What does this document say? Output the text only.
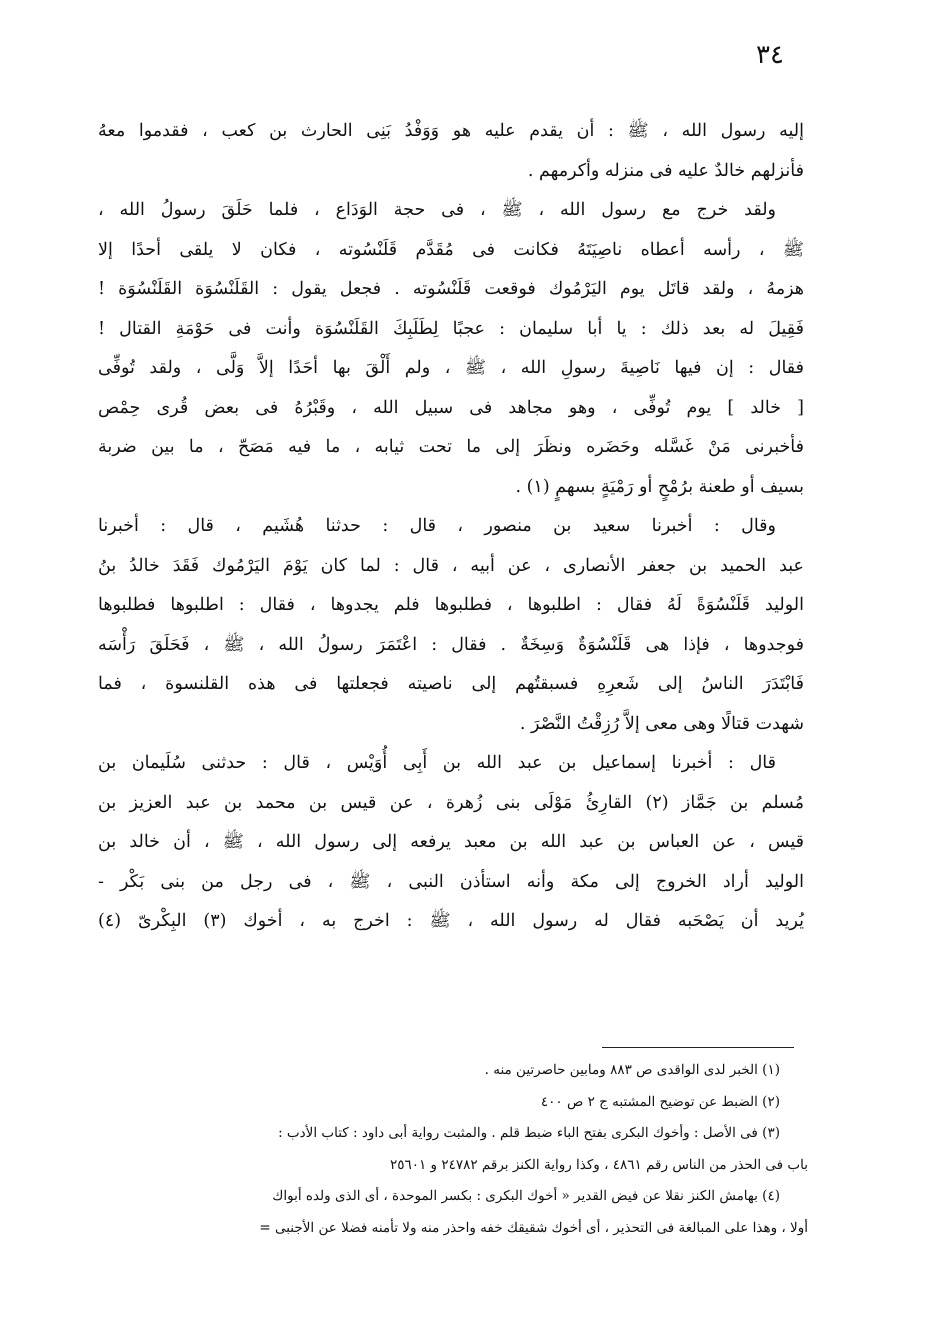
٣٤
إليه رسول الله ، ﷺ : أن يقدم عليه هو وَوَفْدُ بَنِى الحارث بن كعب ، فقدموا معهُ
فأنزلهم خالدٌ عليه فى منزله وأكرمهم .
ولقد خرج مع رسول الله ، ﷺ ، فى حجة الوَدَاع ، فلما حَلَقَ رسولُ الله ،
ﷺ ، رأسه أعطاه ناصِيَتَهُ فكانت فى مُقَدَّم قَلَنْسُوته ، فكان لا يلقى أحدًا إلا
هزمهُ ، ولقد قاتَل يوم اليَرْمُوك فوقعت قَلَنْسُوته . فجعل يقول : القَلَنْسُوَة القَلَنْسُوَة !
فَقِيلَ له بعد ذلك : يا أبا سليمان : عجبًا لِطَلَبِكَ القَلَنْسُوَة وأنت فى حَوْمَةِ القتال !
فقال : إن فيها نَاصِيةَ رسولِ الله ، ﷺ ، ولم أَلْقَ بها أحَدًا إلاَّ وَلَّى ، ولقد تُوفِّى
[ خالد ] يوم تُوفِّى ، وهو مجاهد فى سبيل الله ، وقَبْرُهُ فى بعض قُرى حِمْص
فأخبرنى مَنْ غَسَّله وحَضَره ونظَرَ إلى ما تحت ثيابه ، ما فيه مَصَحّ ، ما بين ضربة
بسيف أو طعنة برُمْحٍ أو رَمْيَةٍ بسهمٍ (١) .
وقال : أخبرنا سعيد بن منصور ، قال : حدثنا هُشَيم ، قال : أخبرنا
عبد الحميد بن جعفر الأنصارى ، عن أبيه ، قال : لما كان يَوْمَ اليَرْمُوك فَقَدَ خالدُ بنُ
الوليد قَلَنْسُوَةً لَهُ فقال : اطلبوها ، فطلبوها فلم يجدوها ، فقال : اطلبوها فطلبوها
فوجدوها ، فإذا هى قَلَنْسُوَةٌ وَسِخَةٌ . فقال : اعْتَمَرَ رسولُ الله ، ﷺ ، فَحَلَقَ رَأْسَه
فَابْتَدَرَ الناسُ إلى شَعرِهِ فسبقتُهم إلى ناصيته فجعلتها فى هذه القلنسوة ، فما
شهدت قتالًا وهى معى إلاَّ رُزِقْتُ النَّصْرَ .
قال : أخبرنا إسماعيل بن عبد الله بن أَبِى أُوَيْس ، قال : حدثنى سُلَيمان بن
مُسلم بن جَمَّاز (٢) القارِئُ مَوْلَى بنى زُهرة ، عن قيس بن محمد بن عبد العزيز بن
قيس ، عن العباس بن عبد الله بن معبد يرفعه إلى رسول الله ، ﷺ ، أن خالد بن
الوليد أراد الخروج إلى مكة وأنه استأذن النبى ، ﷺ ، فى رجل من بنى بَكْر -
يُريد أن يَصْحَبه فقال له رسول الله ، ﷺ : اخرج به ، أخوك (٣) البِكْرىّ (٤)
(١) الخبر لدى الواقدى ص ٨٨٣ ومابين حاصرتين منه .
(٢) الضبط عن توضيح المشتبه ج ٢ ص ٤٠٠
(٣) فى الأصل : وأخوك البكرى بفتح الباء ضبط قلم . والمثبت رواية أبى داود : كتاب الأدب :
باب فى الحذر من الناس رقم ٤٨٦١ ، وكذا رواية الكنز برقم ٢٤٧٨٢ و ٢٥٦٠١
(٤) بهامش الكنز نقلا عن فيض القدير « أخوك البكرى : بكسر الموحدة ، أى الذى ولده أبواك
أولا ، وهذا على المبالغة فى التحذير ، أى أخوك شقيقك خفه واحذر منه ولا تأمنه فضلا عن الأجنبى =
